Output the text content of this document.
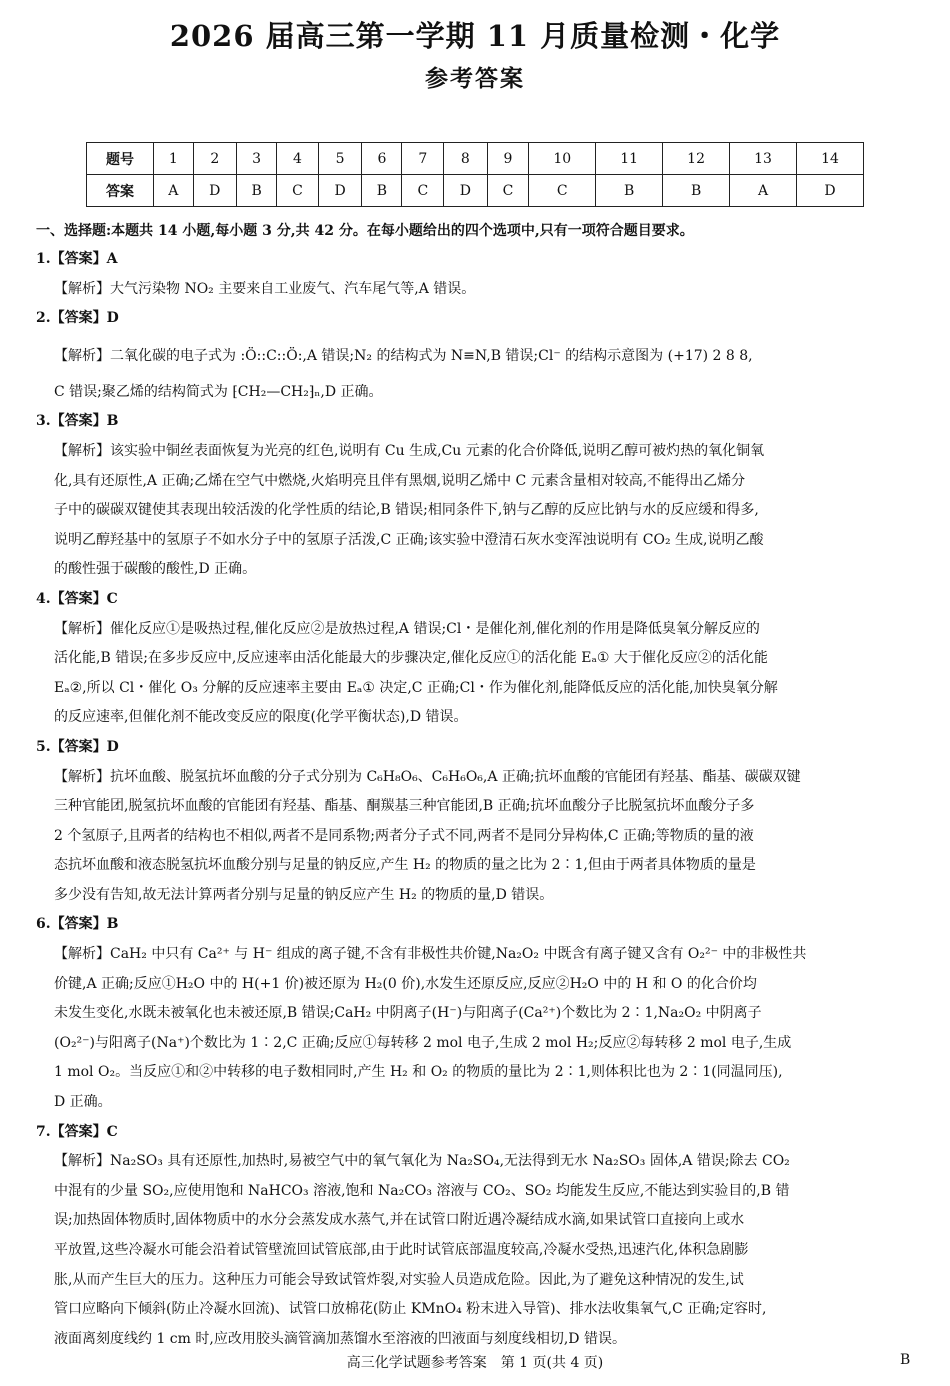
2026 届高三第一学期 11 月质量检测・化学
参考答案
题号	1	2	3	4	5	6	7	8	9	10	11	12	13	14
答案	A	D	B	C	D	B	C	D	C	C	B	B	A	D
一、选择题:本题共 14 小题,每小题 3 分,共 42 分。在每小题给出的四个选项中,只有一项符合题目要求。

1.【答案】A

【解析】大气污染物 NO₂ 主要来自工业废气、汽车尾气等,A 错误。

2.【答案】D

【解析】二氧化碳的电子式为 :Ö::C::Ö:,A 错误;N₂ 的结构式为 N≡N,B 错误;Cl⁻ 的结构示意图为 (+17) 2 8 8,

C 错误;聚乙烯的结构简式为 ⁅CH₂—CH₂⁆ₙ,D 正确。

3.【答案】B

【解析】该实验中铜丝表面恢复为光亮的红色,说明有 Cu 生成,Cu 元素的化合价降低,说明乙醇可被灼热的氧化铜氧

化,具有还原性,A 正确;乙烯在空气中燃烧,火焰明亮且伴有黑烟,说明乙烯中 C 元素含量相对较高,不能得出乙烯分

子中的碳碳双键使其表现出较活泼的化学性质的结论,B 错误;相同条件下,钠与乙醇的反应比钠与水的反应缓和得多,

说明乙醇羟基中的氢原子不如水分子中的氢原子活泼,C 正确;该实验中澄清石灰水变浑浊说明有 CO₂ 生成,说明乙酸

的酸性强于碳酸的酸性,D 正确。

4.【答案】C

【解析】催化反应①是吸热过程,催化反应②是放热过程,A 错误;Cl・是催化剂,催化剂的作用是降低臭氧分解反应的

活化能,B 错误;在多步反应中,反应速率由活化能最大的步骤决定,催化反应①的活化能 Eₐ① 大于催化反应②的活化能

Eₐ②,所以 Cl・催化 O₃ 分解的反应速率主要由 Eₐ① 决定,C 正确;Cl・作为催化剂,能降低反应的活化能,加快臭氧分解

的反应速率,但催化剂不能改变反应的限度(化学平衡状态),D 错误。

5.【答案】D

【解析】抗坏血酸、脱氢抗坏血酸的分子式分别为 C₆H₈O₆、C₆H₆O₆,A 正确;抗坏血酸的官能团有羟基、酯基、碳碳双键

三种官能团,脱氢抗坏血酸的官能团有羟基、酯基、酮羰基三种官能团,B 正确;抗坏血酸分子比脱氢抗坏血酸分子多

2 个氢原子,且两者的结构也不相似,两者不是同系物;两者分子式不同,两者不是同分异构体,C 正确;等物质的量的液

态抗坏血酸和液态脱氢抗坏血酸分别与足量的钠反应,产生 H₂ 的物质的量之比为 2∶1,但由于两者具体物质的量是

多少没有告知,故无法计算两者分别与足量的钠反应产生 H₂ 的物质的量,D 错误。

6.【答案】B

【解析】CaH₂ 中只有 Ca²⁺ 与 H⁻ 组成的离子键,不含有非极性共价键,Na₂O₂ 中既含有离子键又含有 O₂²⁻ 中的非极性共

价键,A 正确;反应①H₂O 中的 H(+1 价)被还原为 H₂(0 价),水发生还原反应,反应②H₂O 中的 H 和 O 的化合价均

未发生变化,水既未被氧化也未被还原,B 错误;CaH₂ 中阴离子(H⁻)与阳离子(Ca²⁺)个数比为 2∶1,Na₂O₂ 中阴离子

(O₂²⁻)与阳离子(Na⁺)个数比为 1∶2,C 正确;反应①每转移 2 mol 电子,生成 2 mol H₂;反应②每转移 2 mol 电子,生成

1 mol O₂。当反应①和②中转移的电子数相同时,产生 H₂ 和 O₂ 的物质的量比为 2∶1,则体积比也为 2∶1(同温同压),

D 正确。

7.【答案】C

【解析】Na₂SO₃ 具有还原性,加热时,易被空气中的氧气氧化为 Na₂SO₄,无法得到无水 Na₂SO₃ 固体,A 错误;除去 CO₂

中混有的少量 SO₂,应使用饱和 NaHCO₃ 溶液,饱和 Na₂CO₃ 溶液与 CO₂、SO₂ 均能发生反应,不能达到实验目的,B 错

误;加热固体物质时,固体物质中的水分会蒸发成水蒸气,并在试管口附近遇冷凝结成水滴,如果试管口直接向上或水

平放置,这些冷凝水可能会沿着试管壁流回试管底部,由于此时试管底部温度较高,冷凝水受热,迅速汽化,体积急剧膨

胀,从而产生巨大的压力。这种压力可能会导致试管炸裂,对实验人员造成危险。因此,为了避免这种情况的发生,试

管口应略向下倾斜(防止冷凝水回流)、试管口放棉花(防止 KMnO₄ 粉末进入导管)、排水法收集氧气,C 正确;定容时,

液面离刻度线约 1 cm 时,应改用胶头滴管滴加蒸馏水至溶液的凹液面与刻度线相切,D 错误。

高三化学试题参考答案　第 1 页(共 4 页)	B
